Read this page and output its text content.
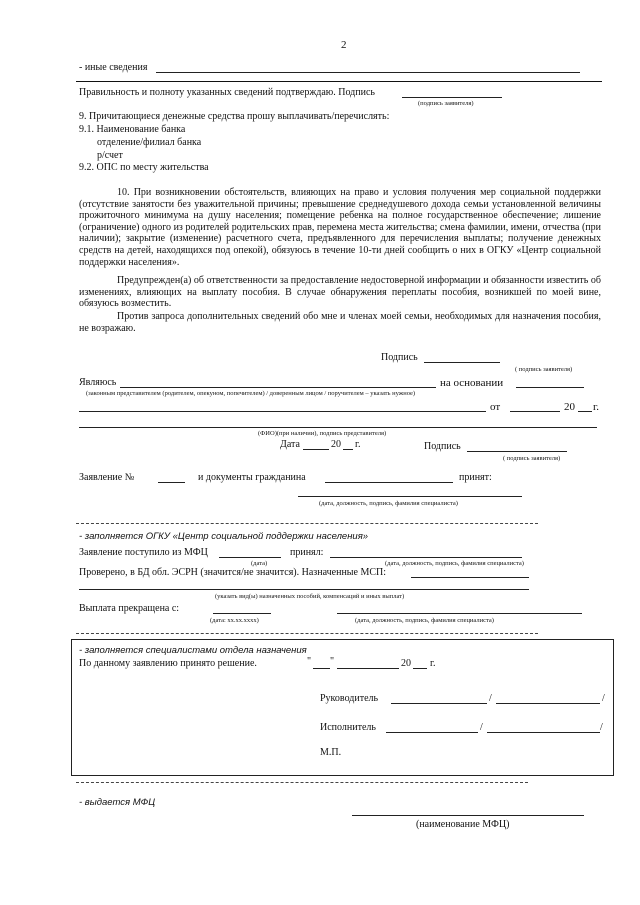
2
- иные сведения
Правильность и полноту указанных сведений подтверждаю. Подпись
(подпись заявителя)
9. Причитающиеся денежные средства прошу выплачивать/перечислять:
9.1. Наименование банка
отделение/филиал банка
р/счет
9.2. ОПС по месту жительства
10. При возникновении обстоятельств, влияющих на право и условия получения мер социальной поддержки (отсутствие занятости без уважительной причины; превышение среднедушевого дохода семьи установленной величины прожиточного минимума на душу населения; помещение ребенка на полное государственное обеспечение; лишение (ограничение) одного из родителей родительских прав, перемена места жительства; смена фамилии, имени, отчества (при наличии); закрытие (изменение) расчетного счета, предъявленного для перечисления выплаты; получение денежных средств на детей, находящихся под опекой), обязуюсь в течение 10-ти дней сообщить о них в ОГКУ «Центр социальной поддержки населения».
Предупрежден(а) об ответственности за предоставление недостоверной информации и обязанности известить об изменениях, влияющих на выплату пособия. В случае обнаружения переплаты пособия, возникшей по моей вине, обязуюсь возместить.
Против запроса дополнительных сведений обо мне и членах моей семьи, необходимых для назначения пособия, не возражаю.
Подпись
( подпись заявителя)
Являюсь	на основании
(законным представителем (родителем, опекуном, попечителем) / доверенным лицом / поручителем – указать нужное)
от	20 г.
(ФИО)(при наличии), подпись представителя)
Дата	20 г.	Подпись
( подпись заявителя)
Заявление №	и документы гражданина	принят:
(дата, должность, подпись, фамилия специалиста)
- заполняется ОГКУ «Центр социальной поддержки населения»
Заявление поступило из МФЦ	принял:
(дата)	(дата, должность, подпись, фамилия специалиста)
Проверено, в БД обл. ЭСРН (значится/не значится). Назначенные МСП:
(указать вид(ы) назначенных пособий, компенсаций и иных выплат)
Выплата прекращена с:
(дата: хх.хх.хххх)	(дата, должность, подпись, фамилия специалиста)
- заполняется специалистами отдела назначения
По данному заявлению принято решение.	" "	20 г.
Руководитель	/	/
Исполнитель	/	/
М.П.
- выдается МФЦ
(наименование МФЦ)
